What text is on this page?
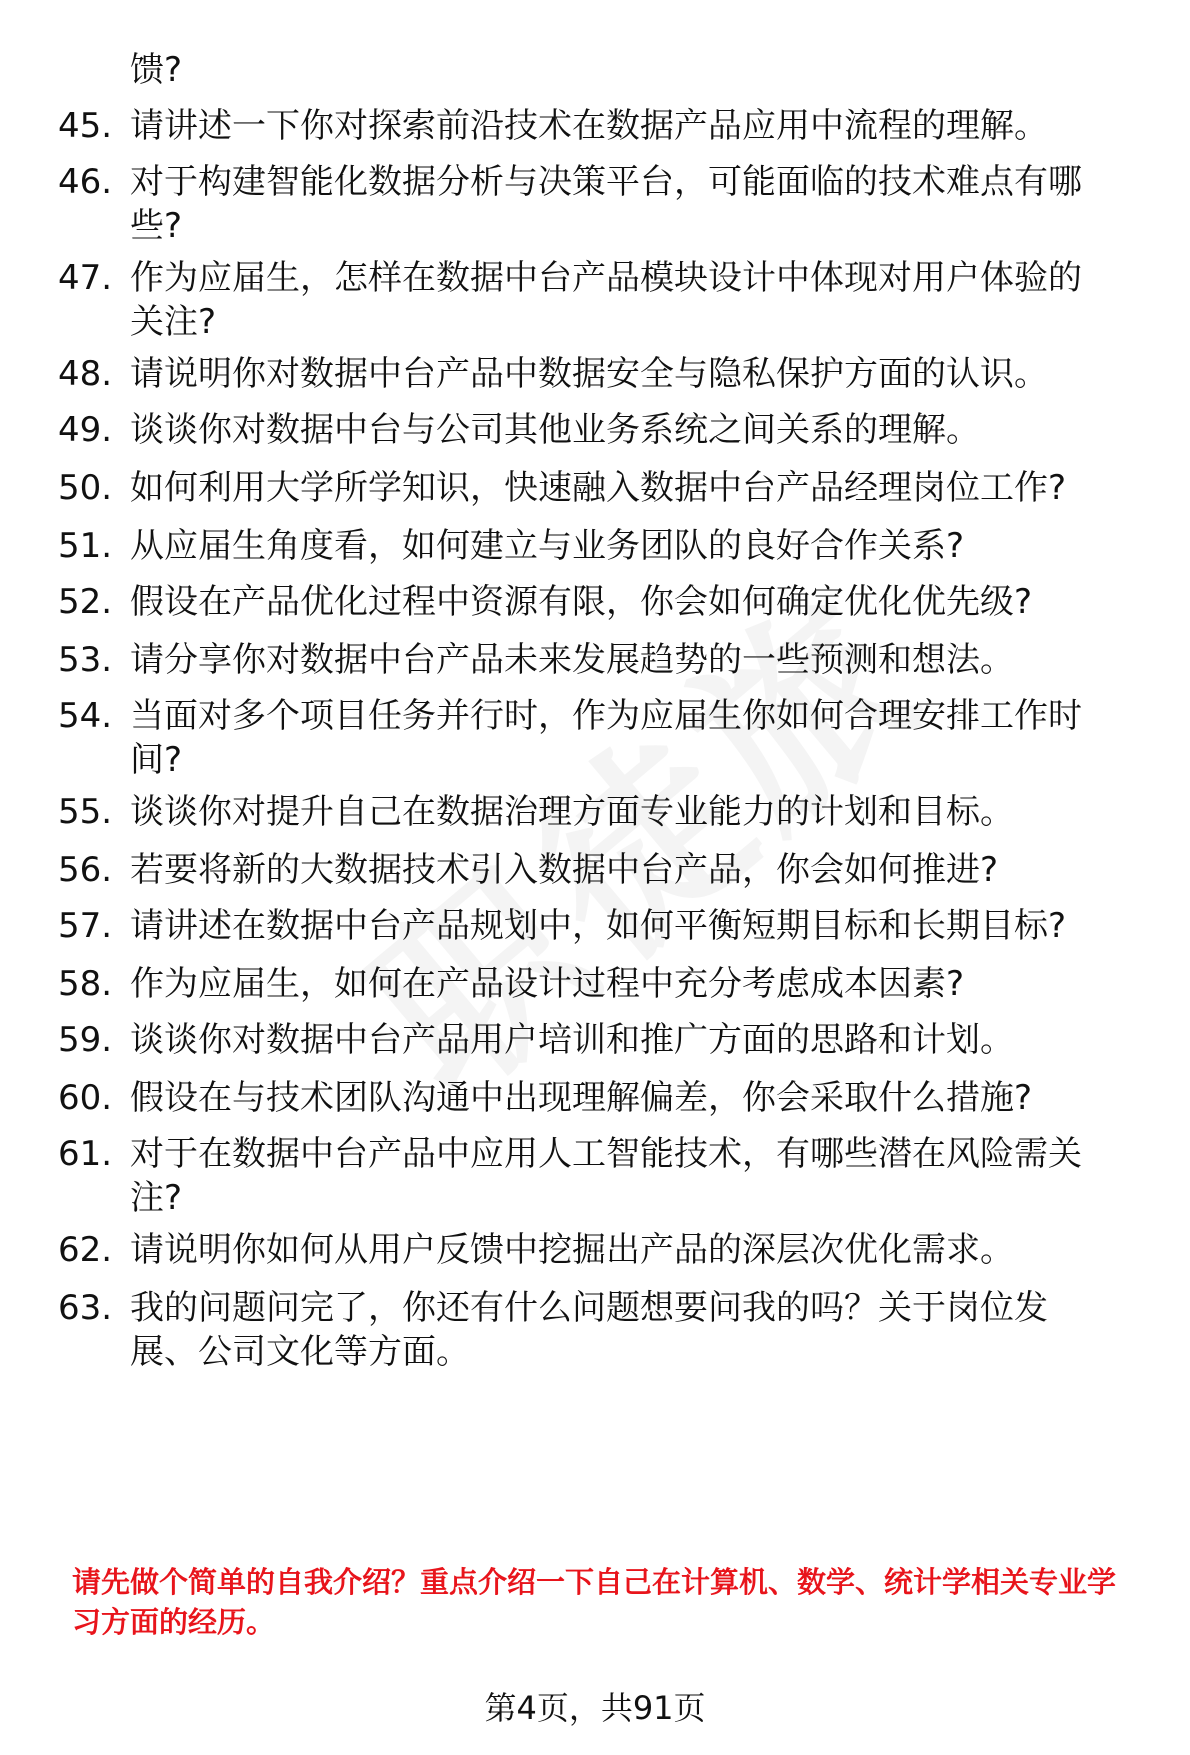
馈?
45. 请讲述一下你对探索前沿技术在数据产品应用中流程的理解。
46. 对于构建智能化数据分析与决策平台，可能面临的技术难点有哪
些?
47. 作为应届生，怎样在数据中台产品模块设计中体现对用户体验的
关注?
48. 请说明你对数据中台产品中数据安全与隐私保护方面的认识。
49. 谈谈你对数据中台与公司其他业务系统之间关系的理解。
50. 如何利用大学所学知识，快速融入数据中台产品经理岗位工作?
51. 从应届生角度看，如何建立与业务团队的良好合作关系?
52. 假设在产品优化过程中资源有限，你会如何确定优化优先级?
53. 请分享你对数据中台产品未来发展趋势的一些预测和想法。
54. 当面对多个项目任务并行时，作为应届生你如何合理安排工作时
间?
55. 谈谈你对提升自己在数据治理方面专业能力的计划和目标。
56. 若要将新的大数据技术引入数据中台产品，你会如何推进?
57. 请讲述在数据中台产品规划中，如何平衡短期目标和长期目标?
58. 作为应届生，如何在产品设计过程中充分考虑成本因素?
59. 谈谈你对数据中台产品用户培训和推广方面的思路和计划。
60. 假设在与技术团队沟通中出现理解偏差，你会采取什么措施?
61. 对于在数据中台产品中应用人工智能技术，有哪些潜在风险需关
注?
62. 请说明你如何从用户反馈中挖掘出产品的深层次优化需求。
63. 我的问题问完了，你还有什么问题想要问我的吗？关于岗位发
展、公司文化等方面。
请先做个简单的自我介绍？重点介绍一下自己在计算机、数学、统计学相关专业学
习方面的经历。
第4页，共91页
